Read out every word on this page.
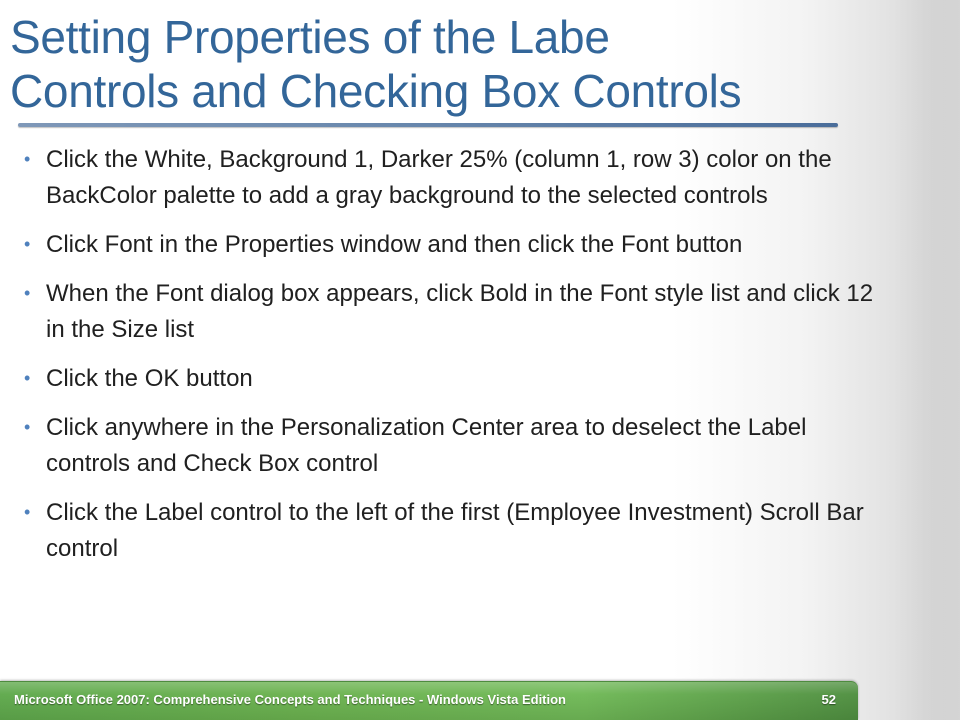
Setting Properties of the Labe
Controls and Checking Box Controls
• Click the White, Background 1, Darker 25% (column 1, row 3) color on the BackColor palette to add a gray background to the selected controls
• Click Font in the Properties window and then click the Font button
• When the Font dialog box appears, click Bold in the Font style list and click 12 in the Size list
• Click the OK button
• Click anywhere in the Personalization Center area to deselect the Label controls and Check Box control
• Click the Label control to the left of the first (Employee Investment) Scroll Bar control
Microsoft Office 2007: Comprehensive Concepts and Techniques - Windows Vista Edition	52
